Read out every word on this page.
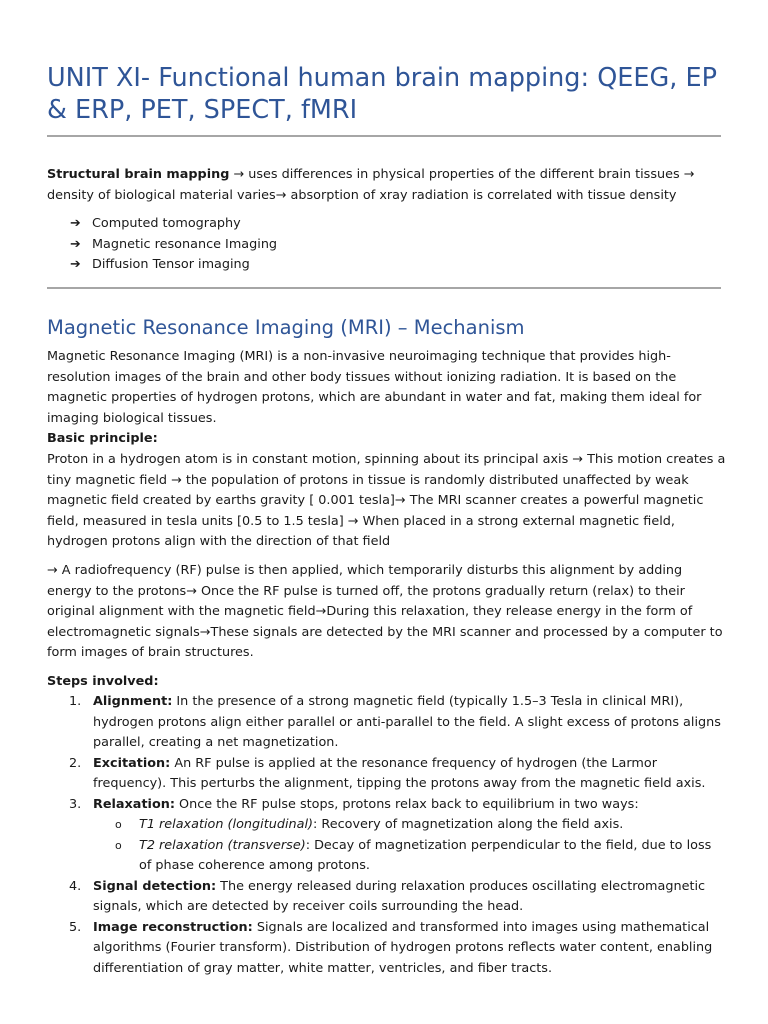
UNIT XI- Functional human brain mapping: QEEG, EP & ERP, PET, SPECT, fMRI

Structural brain mapping → uses differences in physical properties of the different brain tissues → density of biological material varies→ absorption of xray radiation is correlated with tissue density

➔ Computed tomography
➔ Magnetic resonance Imaging
➔ Diffusion Tensor imaging
Magnetic Resonance Imaging (MRI) – Mechanism

Magnetic Resonance Imaging (MRI) is a non-invasive neuroimaging technique that provides high-resolution images of the brain and other body tissues without ionizing radiation. It is based on the magnetic properties of hydrogen protons, which are abundant in water and fat, making them ideal for imaging biological tissues.

Basic principle:

Proton in a hydrogen atom is in constant motion, spinning about its principal axis → This motion creates a tiny magnetic field → the population of protons in tissue is randomly distributed unaffected by weak magnetic field created by earths gravity [ 0.001 tesla]→ The MRI scanner creates a powerful magnetic field, measured in tesla units [0.5 to 1.5 tesla] → When placed in a strong external magnetic field, hydrogen protons align with the direction of that field

→ A radiofrequency (RF) pulse is then applied, which temporarily disturbs this alignment by adding energy to the protons→ Once the RF pulse is turned off, the protons gradually return (relax) to their original alignment with the magnetic field→During this relaxation, they release energy in the form of electromagnetic signals→These signals are detected by the MRI scanner and processed by a computer to form images of brain structures.

Steps involved:

1. Alignment: In the presence of a strong magnetic field (typically 1.5–3 Tesla in clinical MRI), hydrogen protons align either parallel or anti-parallel to the field. A slight excess of protons aligns parallel, creating a net magnetization.
2. Excitation: An RF pulse is applied at the resonance frequency of hydrogen (the Larmor frequency). This perturbs the alignment, tipping the protons away from the magnetic field axis.
3. Relaxation: Once the RF pulse stops, protons relax back to equilibrium in two ways:
o T1 relaxation (longitudinal): Recovery of magnetization along the field axis.
o T2 relaxation (transverse): Decay of magnetization perpendicular to the field, due to loss of phase coherence among protons.
4. Signal detection: The energy released during relaxation produces oscillating electromagnetic signals, which are detected by receiver coils surrounding the head.
5. Image reconstruction: Signals are localized and transformed into images using mathematical algorithms (Fourier transform). Distribution of hydrogen protons reflects water content, enabling differentiation of gray matter, white matter, ventricles, and fiber tracts.
